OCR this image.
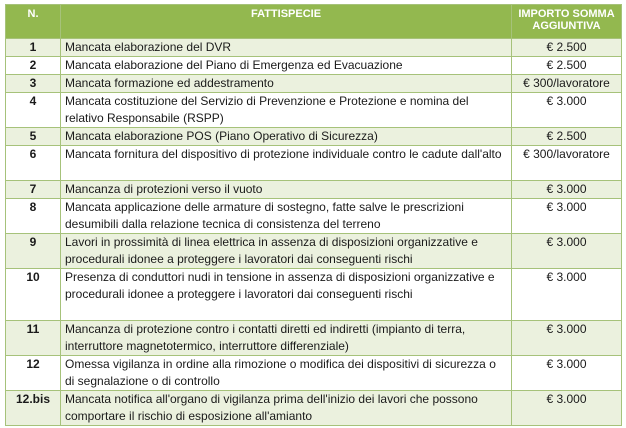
N.	FATTISPECIE	IMPORTO SOMMA AGGIUNTIVA
1	Mancata elaborazione del DVR	€ 2.500
2	Mancata elaborazione del Piano di Emergenza ed Evacuazione	€ 2.500
3	Mancata formazione ed addestramento	€ 300/lavoratore
4	Mancata costituzione del Servizio di Prevenzione e Protezione e nomina del relativo Responsabile (RSPP)	€ 3.000
5	Mancata elaborazione POS (Piano Operativo di Sicurezza)	€ 2.500
6	Mancata fornitura del dispositivo di protezione individuale contro le cadute dall'alto	€ 300/lavoratore
7	Mancanza di protezioni verso il vuoto	€ 3.000
8	Mancata applicazione delle armature di sostegno, fatte salve le prescrizioni desumibili dalla relazione tecnica di consistenza del terreno	€ 3.000
9	Lavori in prossimità di linea elettrica in assenza di disposizioni organizzative e procedurali idonee a proteggere i lavoratori dai conseguenti rischi	€ 3.000
10	Presenza di conduttori nudi in tensione in assenza di disposizioni organizzative e procedurali idonee a proteggere i lavoratori dai conseguenti rischi	€ 3.000
11	Mancanza di protezione contro i contatti diretti ed indiretti (impianto di terra, interruttore magnetotermico, interruttore differenziale)	€ 3.000
12	Omessa vigilanza in ordine alla rimozione o modifica dei dispositivi di sicurezza o di segnalazione o di controllo	€ 3.000
12.bis	Mancata notifica all'organo di vigilanza prima dell'inizio dei lavori che possono comportare il rischio di esposizione all'amianto	€ 3.000
